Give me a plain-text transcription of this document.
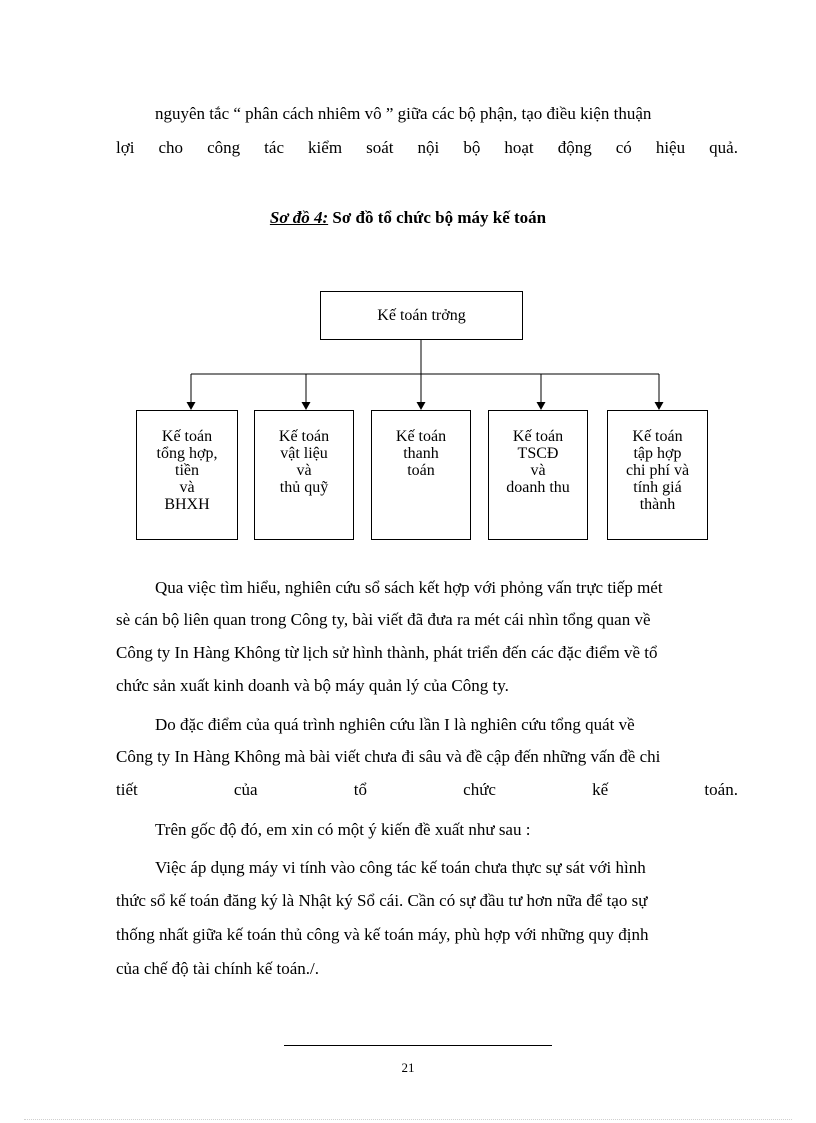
nguyên tắc “ phân cách nhiêm vô ” giữa các bộ phận, tạo điều kiện thuận
lợi cho công tác kiểm soát nội bộ hoạt động có hiệu quả.
Sơ đồ 4: Sơ đồ tổ chức bộ máy kế toán
Kế toán trởng
Kế toán
tổng hợp,
tiền
và
BHXH
Kế toán
vật liệu
và
thủ quỹ
Kế toán
thanh
toán
Kế toán
TSCĐ
và
doanh thu
Kế toán
tập hợp
chi phí và
tính giá
thành
Qua việc tìm hiểu, nghiên cứu sổ sách kết hợp với phỏng vấn trực tiếp mét
sè cán bộ liên quan trong Công ty, bài viết đã đưa ra mét cái nhìn tổng quan về
Công ty In Hàng Không từ lịch sử hình thành, phát triển đến các đặc điểm về tổ
chức sản xuất kinh doanh và bộ máy quản lý của Công ty.
Do đặc điểm của quá trình nghiên cứu lần I là nghiên cứu tổng quát về
Công ty In Hàng Không mà bài viết chưa đi sâu và đề cập đến những vấn đề chi
tiết	của	tổ	chức	kế	toán.
Trên gốc độ đó, em xin có một ý kiến đề xuất như sau :
Việc áp dụng máy vi tính vào công tác kế toán chưa thực sự sát với hình
thức sổ kế toán đăng ký là Nhật ký Sổ cái. Cần có sự đầu tư hơn nữa để tạo sự
thống nhất giữa kế toán thủ công và kế toán máy, phù hợp với những quy định
của chế độ tài chính kế toán./.
21
